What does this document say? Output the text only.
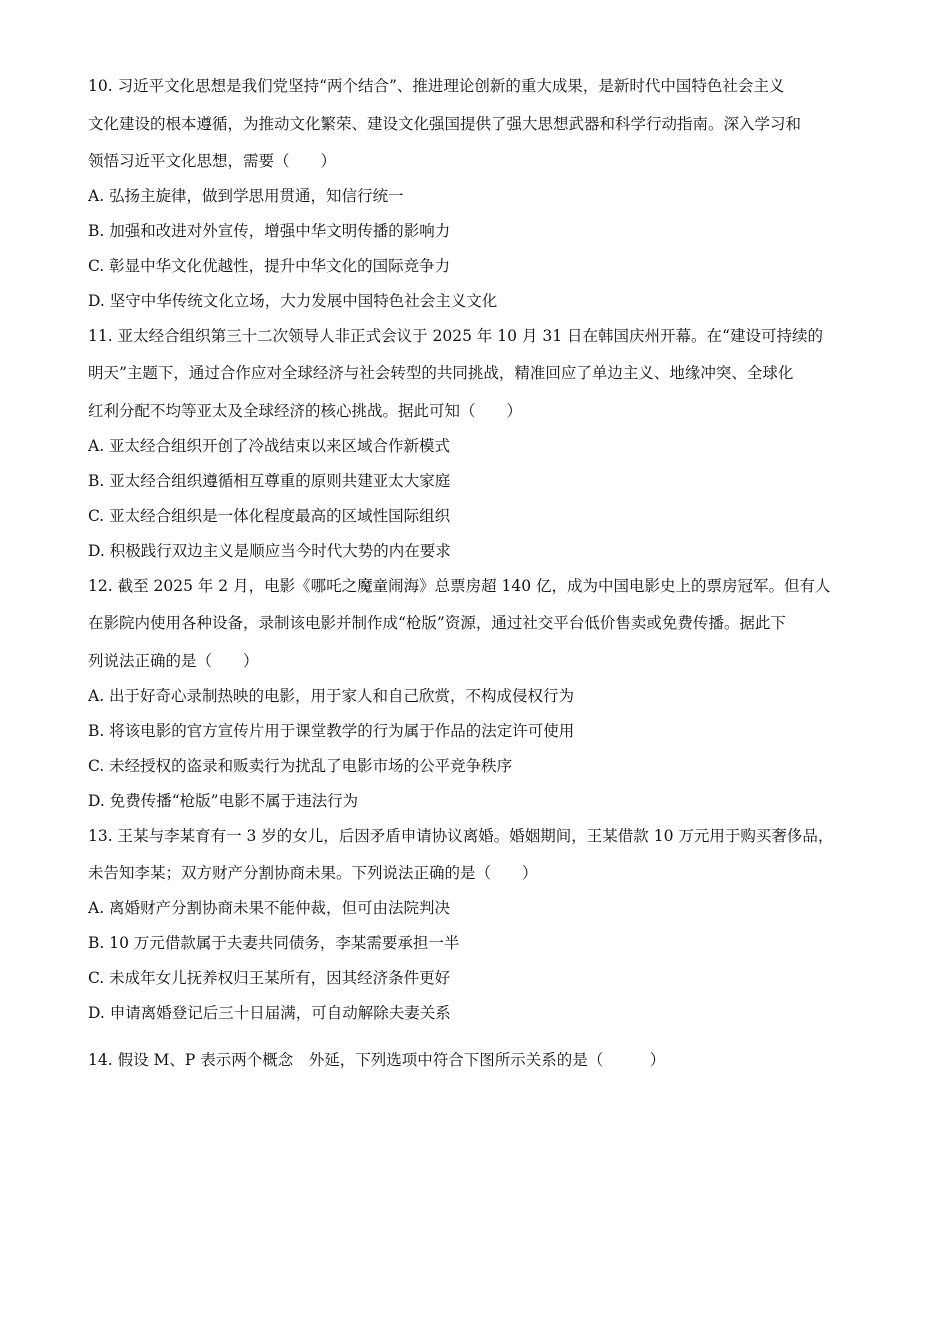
10. 习近平文化思想是我们党坚持“两个结合”、推进理论创新的重大成果，是新时代中国特色社会主义
文化建设的根本遵循，为推动文化繁荣、建设文化强国提供了强大思想武器和科学行动指南。深入学习和
领悟习近平文化思想，需要（　　）
A. 弘扬主旋律，做到学思用贯通，知信行统一
B. 加强和改进对外宣传，增强中华文明传播的影响力
C. 彰显中华文化优越性，提升中华文化的国际竞争力
D. 坚守中华传统文化立场，大力发展中国特色社会主义文化
11. 亚太经合组织第三十二次领导人非正式会议于 2025 年 10 月 31 日在韩国庆州开幕。在“建设可持续的
明天”主题下，通过合作应对全球经济与社会转型的共同挑战，精准回应了单边主义、地缘冲突、全球化
红利分配不均等亚太及全球经济的核心挑战。据此可知（　　）
A. 亚太经合组织开创了冷战结束以来区域合作新模式
B. 亚太经合组织遵循相互尊重的原则共建亚太大家庭
C. 亚太经合组织是一体化程度最高的区域性国际组织
D. 积极践行双边主义是顺应当今时代大势的内在要求
12. 截至 2025 年 2 月，电影《哪吒之魔童闹海》总票房超 140 亿，成为中国电影史上的票房冠军。但有人
在影院内使用各种设备，录制该电影并制作成“枪版”资源，通过社交平台低价售卖或免费传播。据此下
列说法正确的是（　　）
A. 出于好奇心录制热映的电影，用于家人和自己欣赏，不构成侵权行为
B. 将该电影的官方宣传片用于课堂教学的行为属于作品的法定许可使用
C. 未经授权的盗录和贩卖行为扰乱了电影市场的公平竞争秩序
D. 免费传播“枪版”电影不属于违法行为
13. 王某与李某育有一 3 岁的女儿，后因矛盾申请协议离婚。婚姻期间，王某借款 10 万元用于购买奢侈品，
未告知李某；双方财产分割协商未果。下列说法正确的是（　　）
A. 离婚财产分割协商未果不能仲裁，但可由法院判决
B. 10 万元借款属于夫妻共同债务，李某需要承担一半
C. 未成年女儿抚养权归王某所有，因其经济条件更好
D. 申请离婚登记后三十日届满，可自动解除夫妻关系
14. 假设 M、P 表示两个概念　外延，下列选项中符合下图所示关系的是（　　　）
